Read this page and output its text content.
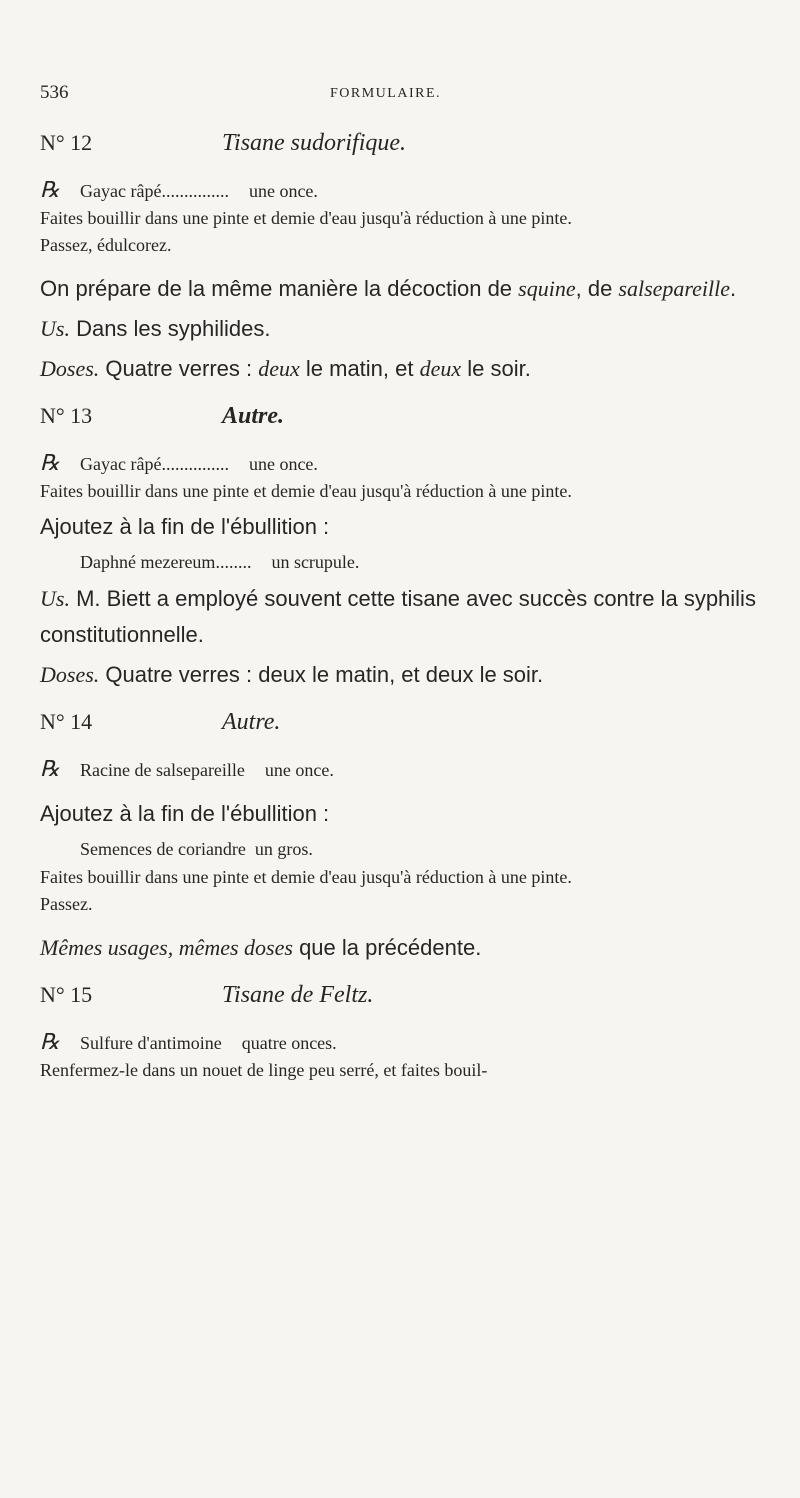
536	FORMULAIRE.
N° 12	Tisane sudorifique.
℞	Gayac râpé ............... une once.

Faites bouillir dans une pinte et demie d'eau jusqu'à réduction à une pinte.

Passez, édulcorez.

On prépare de la même manière la décoction de squine, de salsepareille.

Us. Dans les syphilides.

Doses. Quatre verres : deux le matin, et deux le soir.

N° 13	Autre.
℞	Gayac râpé ............... une once.

Faites bouillir dans une pinte et demie d'eau jusqu'à réduction à une pinte.

Ajoutez à la fin de l'ébullition :

Daphné mezereum ........ un scrupule.

Us. M. Biett a employé souvent cette tisane avec succès contre la syphilis constitutionnelle.

Doses. Quatre verres : deux le matin, et deux le soir.

N° 14	Autre.
℞	Racine de salsepareille une once.

Ajoutez à la fin de l'ébullition :

Semences de coriandre  un gros.

Faites bouillir dans une pinte et demie d'eau jusqu'à réduction à une pinte.

Passez.

Mêmes usages, mêmes doses que la précédente.

N° 15	Tisane de Feltz.
℞	Sulfure d'antimoine quatre onces.

Renfermez-le dans un nouet de linge peu serré, et faites bouil-
